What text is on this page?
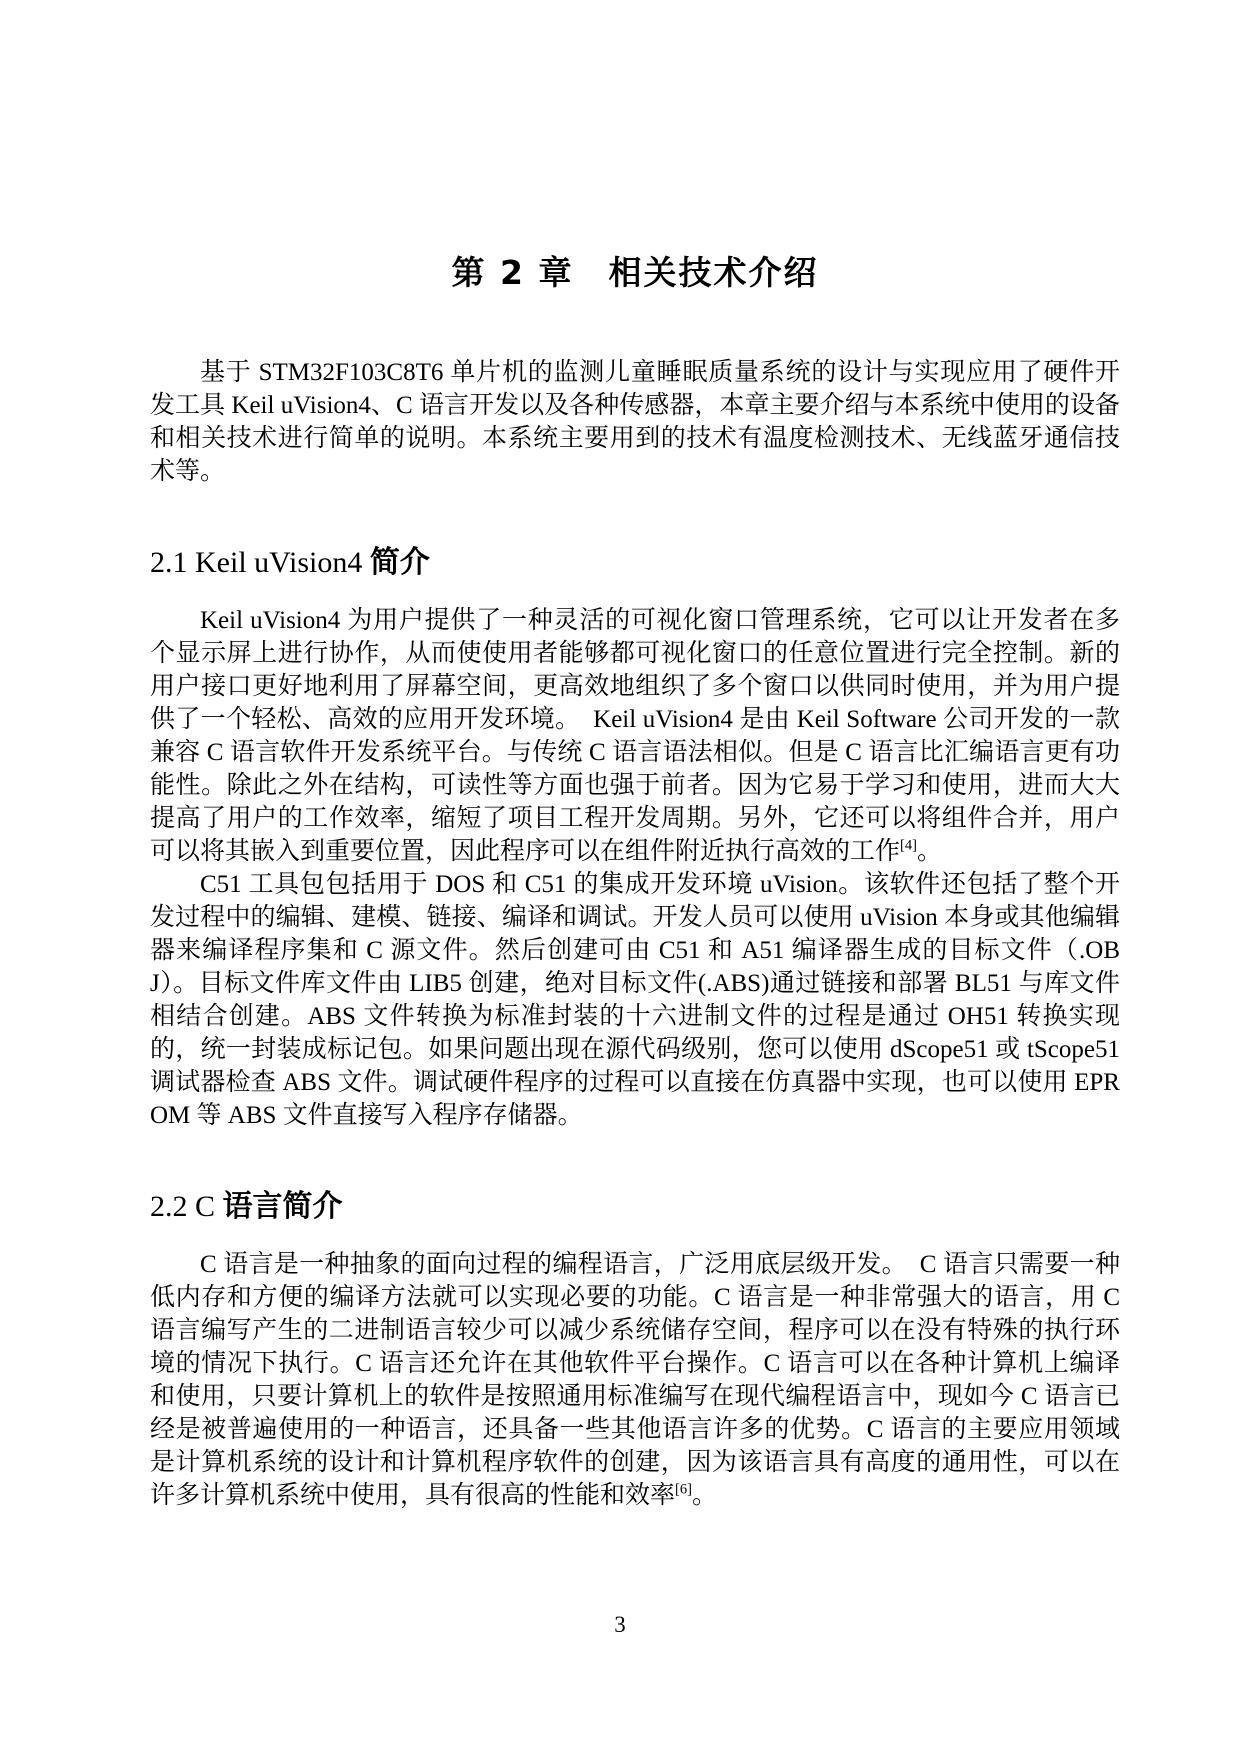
第 2 章　相关技术介绍

基于 STM32F103C8T6 单片机的监测儿童睡眠质量系统的设计与实现应用了硬件开发工具 Keil uVision4、C 语言开发以及各种传感器，本章主要介绍与本系统中使用的设备和相关技术进行简单的说明。本系统主要用到的技术有温度检测技术、无线蓝牙通信技术等。

2.1 Keil uVision4 简介

Keil uVision4 为用户提供了一种灵活的可视化窗口管理系统，它可以让开发者在多个显示屏上进行协作，从而使使用者能够都可视化窗口的任意位置进行完全控制。新的用户接口更好地利用了屏幕空间，更高效地组织了多个窗口以供同时使用，并为用户提供了一个轻松、高效的应用开发环境。　Keil uVision4 是由 Keil Software 公司开发的一款兼容 C 语言软件开发系统平台。与传统 C 语言语法相似。但是 C 语言比汇编语言更有功能性。除此之外在结构，可读性等方面也强于前者。因为它易于学习和使用，进而大大提高了用户的工作效率，缩短了项目工程开发周期。另外，它还可以将组件合并，用户可以将其嵌入到重要位置，因此程序可以在组件附近执行高效的工作[4]。

C51 工具包包括用于 DOS 和 C51 的集成开发环境 uVision。该软件还包括了整个开发过程中的编辑、建模、链接、编译和调试。开发人员可以使用 uVision 本身或其他编辑器来编译程序集和 C 源文件。然后创建可由 C51 和 A51 编译器生成的目标文件（.OBJ）。目标文件库文件由 LIB5 创建，绝对目标文件(.ABS)通过链接和部署 BL51 与库文件相结合创建。ABS 文件转换为标准封装的十六进制文件的过程是通过 OH51 转换实现的，统一封装成标记包。如果问题出现在源代码级别，您可以使用 dScope51 或 tScope51 调试器检查 ABS 文件。调试硬件程序的过程可以直接在仿真器中实现，也可以使用 EPROM 等 ABS 文件直接写入程序存储器。

2.2 C 语言简介

C 语言是一种抽象的面向过程的编程语言，广泛用底层级开发。　C 语言只需要一种低内存和方便的编译方法就可以实现必要的功能。C 语言是一种非常强大的语言，用 C 语言编写产生的二进制语言较少可以减少系统储存空间，程序可以在没有特殊的执行环境的情况下执行。C 语言还允许在其他软件平台操作。C 语言可以在各种计算机上编译和使用，只要计算机上的软件是按照通用标准编写在现代编程语言中，现如今 C 语言已经是被普遍使用的一种语言，还具备一些其他语言许多的优势。C 语言的主要应用领域是计算机系统的设计和计算机程序软件的创建，因为该语言具有高度的通用性，可以在许多计算机系统中使用，具有很高的性能和效率[6]。

3
